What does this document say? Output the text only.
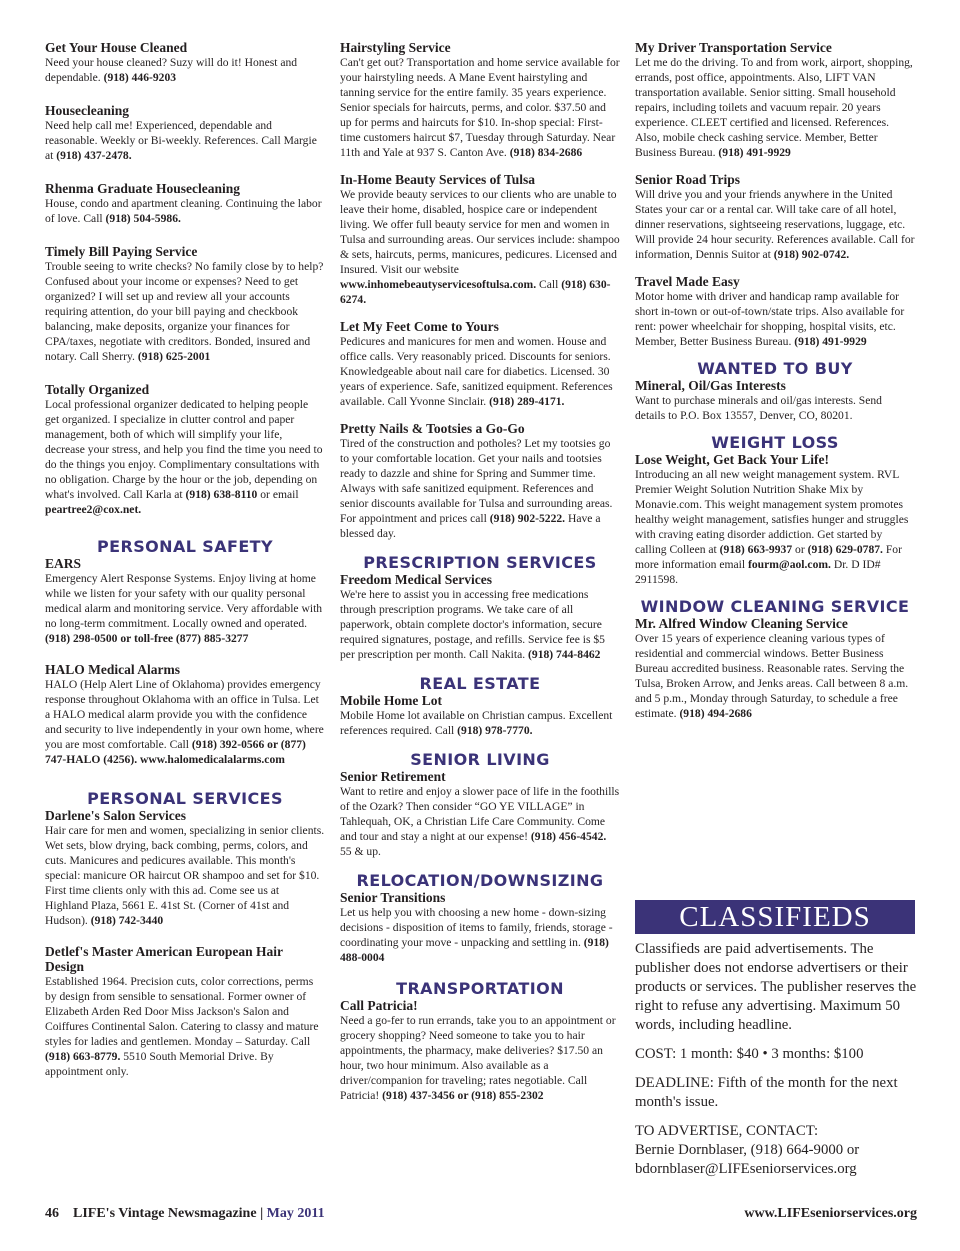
Get Your House Cleaned

Need your house cleaned? Suzy will do it! Honest and dependable. (918) 446-9203

Housecleaning

Need help call me! Experienced, dependable and reasonable. Weekly or Bi-weekly. References. Call Margie at (918) 437-2478.

Rhenma Graduate Housecleaning

House, condo and apartment cleaning. Continuing the labor of love. Call (918) 504-5986.

Timely Bill Paying Service

Trouble seeing to write checks? No family close by to help? Confused about your income or expenses? Need to get organized? I will set up and review all your accounts requiring attention, do your bill paying and checkbook balancing, make deposits, organize your finances for CPA/taxes, negotiate with creditors. Bonded, insured and notary. Call Sherry. (918) 625-2001

Totally Organized

Local professional organizer dedicated to helping people get organized. I specialize in clutter control and paper management, both of which will simplify your life, decrease your stress, and help you find the time you need to do the things you enjoy. Complimentary consultations with no obligation. Charge by the hour or the job, depending on what's involved. Call Karla at (918) 638-8110 or email peartree2@cox.net.

PERSONAL SAFETY
EARS

Emergency Alert Response Systems. Enjoy living at home while we listen for your safety with our quality personal medical alarm and monitoring service. Very affordable with no long-term commitment. Locally owned and operated. (918) 298-0500 or toll-free (877) 885-3277

HALO Medical Alarms

HALO (Help Alert Line of Oklahoma) provides emergency response throughout Oklahoma with an office in Tulsa. Let a HALO medical alarm provide you with the confidence and security to live independently in your own home, where you are most comfortable. Call (918) 392-0566 or (877) 747-HALO (4256). www.halomedicalalarms.com

PERSONAL SERVICES
Darlene's Salon Services

Hair care for men and women, specializing in senior clients. Wet sets, blow drying, back combing, perms, colors, and cuts. Manicures and pedicures available. This month's special: manicure OR haircut OR shampoo and set for $10. First time clients only with this ad. Come see us at Highland Plaza, 5661 E. 41st St. (Corner of 41st and Hudson). (918) 742-3440

Detlef's Master American European Hair Design

Established 1964. Precision cuts, color corrections, perms by design from sensible to sensational. Former owner of Elizabeth Arden Red Door Miss Jackson's Salon and Coiffures Continental Salon. Catering to classy and mature styles for ladies and gentlemen. Monday – Saturday. Call (918) 663-8779. 5510 South Memorial Drive. By appointment only.

Hairstyling Service

Can't get out? Transportation and home service available for your hairstyling needs. A Mane Event hairstyling and tanning service for the entire family. 35 years experience. Senior specials for haircuts, perms, and color. $37.50 and up for perms and haircuts for $10. In-shop special: First-time customers haircut $7, Tuesday through Saturday. Near 11th and Yale at 937 S. Canton Ave. (918) 834-2686

In-Home Beauty Services of Tulsa

We provide beauty services to our clients who are unable to leave their home, disabled, hospice care or independent living. We offer full beauty service for men and women in Tulsa and surrounding areas. Our services include: shampoo & sets, haircuts, perms, manicures, pedicures. Licensed and Insured. Visit our website www.inhomebeautyservicesoftulsa.com. Call (918) 630-6274.

Let My Feet Come to Yours

Pedicures and manicures for men and women. House and office calls. Very reasonably priced. Discounts for seniors. Knowledgeable about nail care for diabetics. Licensed. 30 years of experience. Safe, sanitized equipment. References available. Call Yvonne Sinclair. (918) 289-4171.

Pretty Nails & Tootsies a Go-Go

Tired of the construction and potholes? Let my tootsies go to your comfortable location. Get your nails and tootsies ready to dazzle and shine for Spring and Summer time. Always with safe sanitized equipment. References and senior discounts available for Tulsa and surrounding areas. For appointment and prices call (918) 902-5222. Have a blessed day.

PRESCRIPTION SERVICES
Freedom Medical Services

We're here to assist you in accessing free medications through prescription programs. We take care of all paperwork, obtain complete doctor's information, secure required signatures, postage, and refills. Service fee is $5 per prescription per month. Call Nakita. (918) 744-8462

REAL ESTATE
Mobile Home Lot

Mobile Home lot available on Christian campus. Excellent references required. Call (918) 978-7770.

SENIOR LIVING
Senior Retirement

Want to retire and enjoy a slower pace of life in the foothills of the Ozark? Then consider “GO YE VILLAGE” in Tahlequah, OK, a Christian Life Care Community. Come and tour and stay a night at our expense! (918) 456-4542. 55 & up.

RELOCATION/DOWNSIZING
Senior Transitions

Let us help you with choosing a new home - down-sizing decisions - disposition of items to family, friends, storage - coordinating your move - unpacking and settling in. (918) 488-0004

TRANSPORTATION
Call Patricia!

Need a go-fer to run errands, take you to an appointment or grocery shopping? Need someone to take you to hair appointments, the pharmacy, make deliveries? $17.50 an hour, two hour minimum. Also available as a driver/companion for traveling; rates negotiable. Call Patricia! (918) 437-3456 or (918) 855-2302

My Driver Transportation Service

Let me do the driving. To and from work, airport, shopping, errands, post office, appointments. Also, LIFT VAN transportation available. Senior sitting. Small household repairs, including toilets and vacuum repair. 20 years experience. CLEET certified and licensed. References. Also, mobile check cashing service. Member, Better Business Bureau. (918) 491-9929

Senior Road Trips

Will drive you and your friends anywhere in the United States your car or a rental car. Will take care of all hotel, dinner reservations, sightseeing reservations, luggage, etc. Will provide 24 hour security. References available. Call for information, Dennis Suitor at (918) 902-0742.

Travel Made Easy

Motor home with driver and handicap ramp available for short in-town or out-of-town/state trips. Also available for rent: power wheelchair for shopping, hospital visits, etc. Member, Better Business Bureau. (918) 491-9929

WANTED TO BUY
Mineral, Oil/Gas Interests

Want to purchase minerals and oil/gas interests. Send details to P.O. Box 13557, Denver, CO, 80201.

WEIGHT LOSS
Lose Weight, Get Back Your Life!

Introducing an all new weight management system. RVL Premier Weight Solution Nutrition Shake Mix by Monavie.com. This weight management system promotes healthy weight management, satisfies hunger and struggles with craving eating disorder addiction. Get started by calling Colleen at (918) 663-9937 or (918) 629-0787. For more information email fourm@aol.com. Dr. D ID# 2911598.

WINDOW CLEANING SERVICE
Mr. Alfred Window Cleaning Service

Over 15 years of experience cleaning various types of residential and commercial windows. Better Business Bureau accredited business. Reasonable rates. Serving the Tulsa, Broken Arrow, and Jenks areas. Call between 8 a.m. and 5 p.m., Monday through Saturday, to schedule a free estimate. (918) 494-2686

CLASSIFIEDS

Classifieds are paid advertisements. The publisher does not endorse advertisers or their products or services. The publisher reserves the right to refuse any advertising. Maximum 50 words, including headline.

COST: 1 month: $40 • 3 months: $100

DEADLINE: Fifth of the month for the next month's issue.

TO ADVERTISE, CONTACT:

Bernie Dornblaser, (918) 664-9000 or

bdornblaser@LIFEseniorservices.org

46 LIFE's Vintage Newsmagazine | May 2011	www.LIFEseniorservices.org
